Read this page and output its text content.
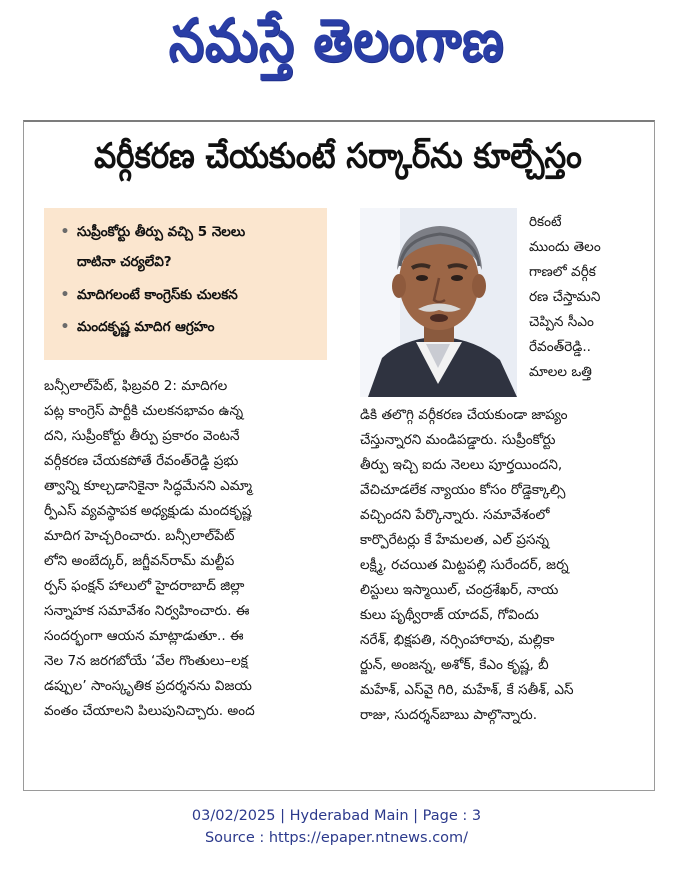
నమస్తే తెలంగాణ
వర్గీకరణ చేయకుంటే సర్కార్‌ను కూల్చేస్తం
• సుప్రీంకోర్టు తీర్పు వచ్చి 5 నెలలు
దాటినా చర్యలేవి?
• మాదిగలంటే కాంగ్రెస్‌కు చులకన
• మందకృష్ణ మాదిగ ఆగ్రహం
బన్సీలాల్‌పేట్, ఫిబ్రవరి 2: మాదిగల
పట్ల కాంగ్రెస్ పార్టీకి చులకనభావం ఉన్న
దని, సుప్రీంకోర్టు తీర్పు ప్రకారం వెంటనే
వర్గీకరణ చేయకపోతే రేవంత్‌రెడ్డి ప్రభు
త్వాన్ని కూల్చడానికైనా సిద్ధమేనని ఎమ్మా
ర్పీఎస్ వ్యవస్థాపక అధ్యక్షుడు మందకృష్ణ
మాదిగ హెచ్చరించారు. బన్సీలాల్‌పేట్
లోని అంబేద్కర్, జగ్జీవన్‌రామ్ మల్టీప
ర్పస్ ఫంక్షన్ హాలులో హైదరాబాద్ జిల్లా
సన్నాహక సమావేశం నిర్వహించారు. ఈ
సందర్భంగా ఆయన మాట్లాడుతూ.. ఈ
నెల 7న జరగబోయే ‘వేల గొంతులు–లక్ష
డప్పుల’ సాంస్కృతిక ప్రదర్శనను విజయ
వంతం చేయాలని పిలుపునిచ్చారు. అంద
రికంటే
ముందు తెలం
గాణలో వర్గీక
రణ చేస్తామని
చెప్పిన సీఎం
రేవంత్‌రెడ్డి..
మాలల ఒత్తి
డికి తలొగ్గి వర్గీకరణ చేయకుండా జాప్యం
చేస్తున్నారని మండిపడ్డారు. సుప్రీంకోర్టు
తీర్పు ఇచ్చి ఐదు నెలలు పూర్తయిందని,
వేచిచూడలేక న్యాయం కోసం రోడ్డెక్కాల్సి
వచ్చిందని పేర్కొన్నారు. సమావేశంలో
కార్పొరేటర్లు కే హేమలత, ఎల్ ప్రసన్న
లక్ష్మీ, రచయిత మిట్టపల్లి సురేందర్, జర్న
లిస్టులు ఇస్మాయిల్, చంద్రశేఖర్, నాయ
కులు పృథ్వీరాజ్ యాదవ్, గోవిందు
నరేశ్, భిక్షపతి, నర్సింహారావు, మల్లికా
ర్జున్, అంజన్న, అశోక్, కేఎం కృష్ణ, బీ
మహేశ్, ఎస్‌వై గిరి, మహేశ్, కే సతీశ్, ఎస్
రాజు, సుదర్శన్‌బాబు పాల్గొన్నారు.
03/02/2025 | Hyderabad Main | Page : 3
Source : https://epaper.ntnews.com/
